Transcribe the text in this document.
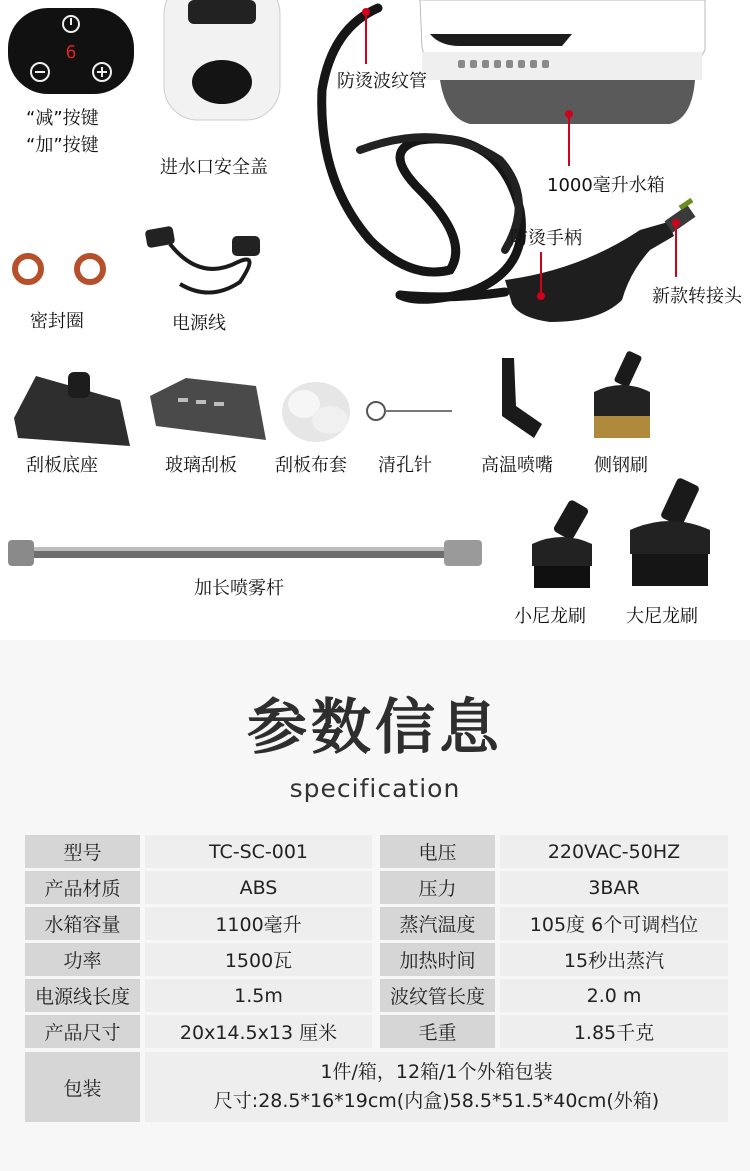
6
“减”按键
“加”按键
进水口安全盖
防烫波纹管
1000毫升水箱
防烫手柄
新款转接头
密封圈	电源线
刮板底座	玻璃刮板 刮板布套 清孔针	高温喷嘴 侧钢刷
加长喷雾杆
小尼龙刷 大尼龙刷
参数信息
specification
型号	TC-SC-001	电压	220VAC-50HZ
产品材质	ABS	压力	3BAR
水箱容量	1100毫升	蒸汽温度	105度 6个可调档位
功率	1500瓦	加热时间	15秒出蒸汽
电源线长度	1.5m	波纹管长度	2.0 m
产品尺寸	20x14.5x13 厘米	毛重	1.85千克
包装
1件/箱，12箱/1个外箱包装
尺寸:28.5*16*19cm(内盒)58.5*51.5*40cm(外箱)
